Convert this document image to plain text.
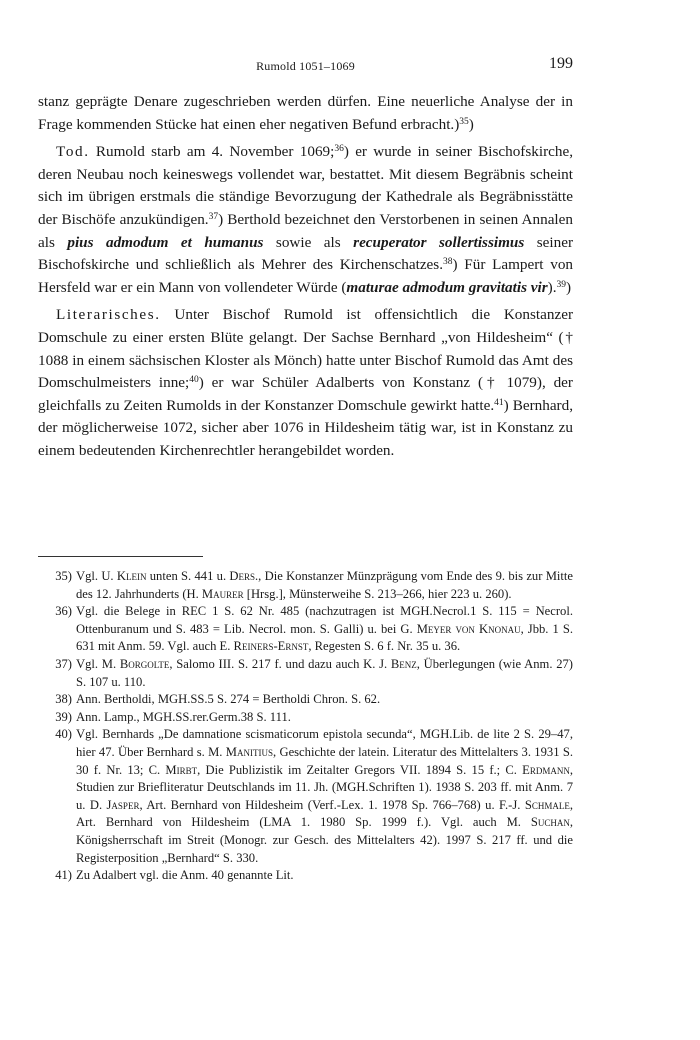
Rumold 1051–1069	199

stanz geprägte Denare zugeschrieben werden dürfen. Eine neuerliche Analyse der in Frage kommenden Stücke hat einen eher negativen Befund erbracht.)$^{35}$)

Tod. Rumold starb am 4. November 1069;$^{36}$) er wurde in seiner Bischofskirche, deren Neubau noch keineswegs vollendet war, bestattet. Mit diesem Begräbnis scheint sich im übrigen erstmals die ständige Bevorzugung der Kathedrale als Begräbnisstätte der Bischöfe anzukündigen.$^{37}$) Berthold bezeichnet den Verstorbenen in seinen Annalen als pius admodum et humanus sowie als recuperator sollertissimus seiner Bischofskirche und schließlich als Mehrer des Kirchenschatzes.$^{38}$) Für Lampert von Hersfeld war er ein Mann von vollendeter Würde (maturae admodum gravitatis vir).$^{39}$)

Literarisches. Unter Bischof Rumold ist offensichtlich die Konstanzer Domschule zu einer ersten Blüte gelangt. Der Sachse Bernhard „von Hildesheim“ († 1088 in einem sächsischen Kloster als Mönch) hatte unter Bischof Rumold das Amt des Domschulmeisters inne;$^{40}$) er war Schüler Adalberts von Konstanz († 1079), der gleichfalls zu Zeiten Rumolds in der Konstanzer Domschule gewirkt hatte.$^{41}$) Bernhard, der möglicherweise 1072, sicher aber 1076 in Hildesheim tätig war, ist in Konstanz zu einem bedeutenden Kirchenrechtler herangebildet worden.

35) Vgl. U. Klein unten S. 441 u. Ders., Die Konstanzer Münzprägung vom Ende des 9. bis zur Mitte des 12. Jahrhunderts (H. Maurer [Hrsg.], Münsterweihe S. 213–266, hier 223 u. 260).

36) Vgl. die Belege in REC 1 S. 62 Nr. 485 (nachzutragen ist MGH.Necrol.1 S. 115 = Necrol. Ottenburanum und S. 483 = Lib. Necrol. mon. S. Galli) u. bei G. Meyer von Knonau, Jbb. 1 S. 631 mit Anm. 59. Vgl. auch E. Reiners-Ernst, Regesten S. 6 f. Nr. 35 u. 36.

37) Vgl. M. Borgolte, Salomo III. S. 217 f. und dazu auch K. J. Benz, Überlegungen (wie Anm. 27) S. 107 u. 110.

38) Ann. Bertholdi, MGH.SS.5 S. 274 = Bertholdi Chron. S. 62.

39) Ann. Lamp., MGH.SS.rer.Germ.38 S. 111.

40) Vgl. Bernhards „De damnatione scismaticorum epistola secunda“, MGH.Lib. de lite 2 S. 29–47, hier 47. Über Bernhard s. M. Manitius, Geschichte der latein. Literatur des Mittelalters 3. 1931 S. 30 f. Nr. 13; C. Mirbt, Die Publizistik im Zeitalter Gregors VII. 1894 S. 15 f.; C. Erdmann, Studien zur Briefliteratur Deutschlands im 11. Jh. (MGH.Schriften 1). 1938 S. 203 ff. mit Anm. 7 u. D. Jasper, Art. Bernhard von Hildesheim (Verf.-Lex. 1. 1978 Sp. 766–768) u. F.-J. Schmale, Art. Bernhard von Hildesheim (LMA 1. 1980 Sp. 1999 f.). Vgl. auch M. Suchan, Königsherrschaft im Streit (Monogr. zur Gesch. des Mittelalters 42). 1997 S. 217 ff. und die Registerposition „Bernhard“ S. 330.

41) Zu Adalbert vgl. die Anm. 40 genannte Lit.
